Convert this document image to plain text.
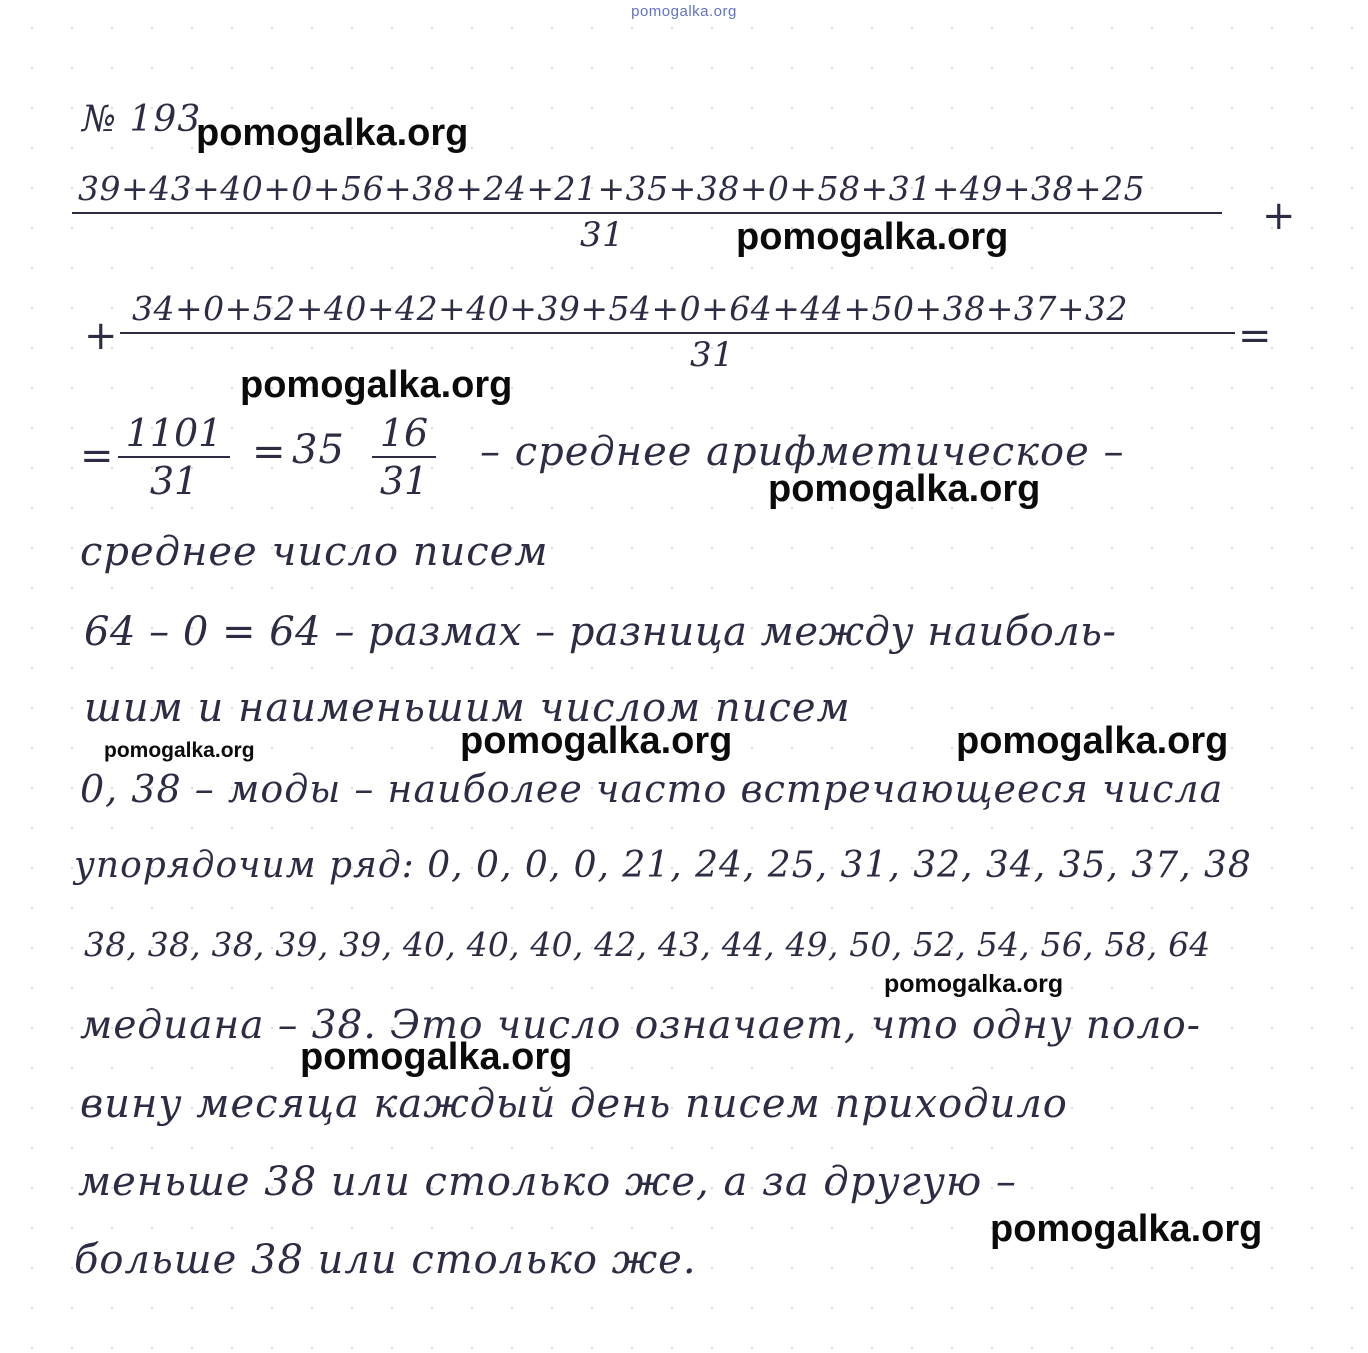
pomogalka.org
№ 193
39+43+40+0+56+38+24+21+35+38+0+58+31+49+38+25
31	+
+
34+0+52+40+42+40+39+54+0+64+44+50+38+37+32
31	=
= 1101
31
= 35 16
31
– среднее арифметическое –
среднее число писем
64 – 0 = 64 – размах – разница между наиболь-
шим и наименьшим числом писем
0, 38 – моды – наиболее часто встречающееся числа
упорядочим ряд: 0, 0, 0, 0, 21, 24, 25, 31, 32, 34, 35, 37, 38
38, 38, 38, 39, 39, 40, 40, 40, 42, 43, 44, 49, 50, 52, 54, 56, 58, 64
медиана – 38. Это число означает, что одну поло-
вину месяца каждый день писем приходило
меньше 38 или столько же, а за другую –
больше 38 или столько же.
pomogalka.org
pomogalka.org
pomogalka.org
pomogalka.org
pomogalka.org	pomogalka.org	pomogalka.org
pomogalka.org
pomogalka.org
pomogalka.org
